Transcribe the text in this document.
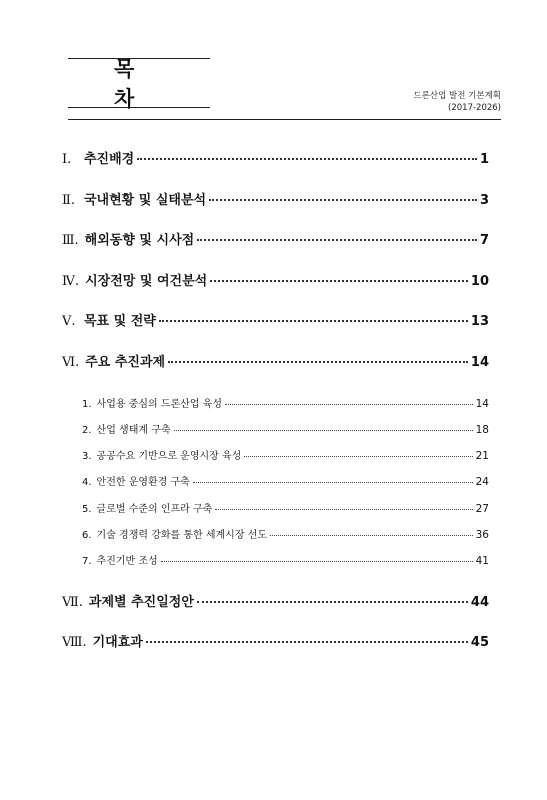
목 차	드론산업 발전 기본계획
(2017-2026)
Ⅰ. 추진배경	1
Ⅱ. 국내현황 및 실태분석	3
Ⅲ. 해외동향 및 시사점	7
Ⅳ. 시장전망 및 여건분석	10
Ⅴ. 목표 및 전략	13
Ⅵ. 주요 추진과제	14
1. 사업용 중심의 드론산업 육성	14
2. 산업 생태계 구축	18
3. 공공수요 기반으로 운영시장 육성	21
4. 안전한 운영환경 구축	24
5. 글로벌 수준의 인프라 구축	27
6. 기술 경쟁력 강화를 통한 세계시장 선도	36
7. 추진기반 조성	41
Ⅶ. 과제별 추진일정안	44
Ⅷ. 기대효과	45
